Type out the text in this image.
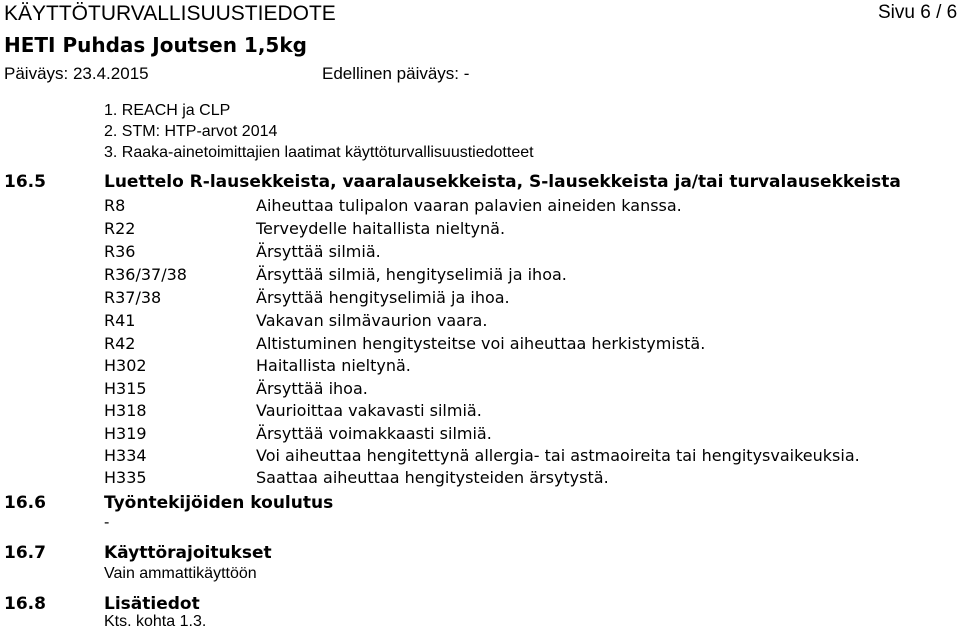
KÄYTTÖTURVALLISUUSTIEDOTE	Sivu 6 / 6
HETI Puhdas Joutsen 1,5kg
Päiväys: 23.4.2015	Edellinen päiväys: -
1. REACH ja CLP
2. STM: HTP-arvot 2014
3. Raaka-ainetoimittajien laatimat käyttöturvallisuustiedotteet
16.5	Luettelo R-lausekkeista, vaaralausekkeista, S-lausekkeista ja/tai turvalausekkeista
R8	Aiheuttaa tulipalon vaaran palavien aineiden kanssa.
R22	Terveydelle haitallista nieltynä.
R36	Ärsyttää silmiä.
R36/37/38	Ärsyttää silmiä, hengityselimiä ja ihoa.
R37/38	Ärsyttää hengityselimiä ja ihoa.
R41	Vakavan silmävaurion vaara.
R42	Altistuminen hengitysteitse voi aiheuttaa herkistymistä.
H302	Haitallista nieltynä.
H315	Ärsyttää ihoa.
H318	Vaurioittaa vakavasti silmiä.
H319	Ärsyttää voimakkaasti silmiä.
H334	Voi aiheuttaa hengitettynä allergia- tai astmaoireita tai hengitysvaikeuksia.
H335	Saattaa aiheuttaa hengitysteiden ärsytystä.
16.6	Työntekijöiden koulutus
-
16.7	Käyttörajoitukset
Vain ammattikäyttöön
16.8	Lisätiedot
Kts. kohta 1.3.
